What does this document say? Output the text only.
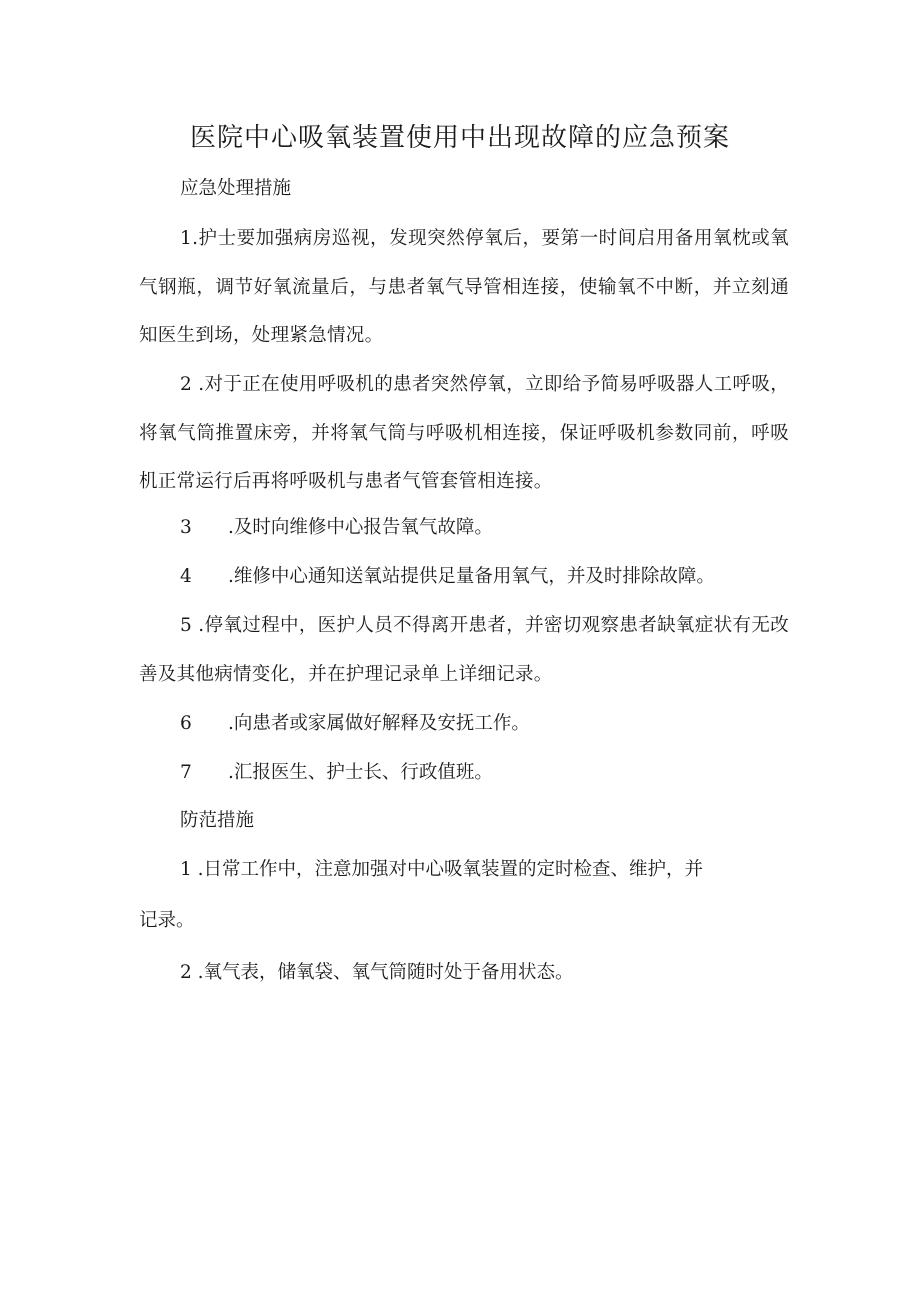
医院中心吸氧装置使用中出现故障的应急预案

应急处理措施

1.护士要加强病房巡视，发现突然停氧后，要第一时间启用备用氧枕或氧气钢瓶，调节好氧流量后，与患者氧气导管相连接，使输氧不中断，并立刻通知医生到场，处理紧急情况。

2 .对于正在使用呼吸机的患者突然停氧，立即给予简易呼吸器人工呼吸，将氧气筒推置床旁，并将氧气筒与呼吸机相连接，保证呼吸机参数同前，呼吸机正常运行后再将呼吸机与患者气管套管相连接。

3 .及时向维修中心报告氧气故障。

4 .维修中心通知送氧站提供足量备用氧气，并及时排除故障。

5 .停氧过程中，医护人员不得离开患者，并密切观察患者缺氧症状有无改善及其他病情变化，并在护理记录单上详细记录。

6 .向患者或家属做好解释及安抚工作。

7 .汇报医生、护士长、行政值班。

防范措施

1 .日常工作中，注意加强对中心吸氧装置的定时检查、维护，并

记录。

2 .氧气表，储氧袋、氧气筒随时处于备用状态。
